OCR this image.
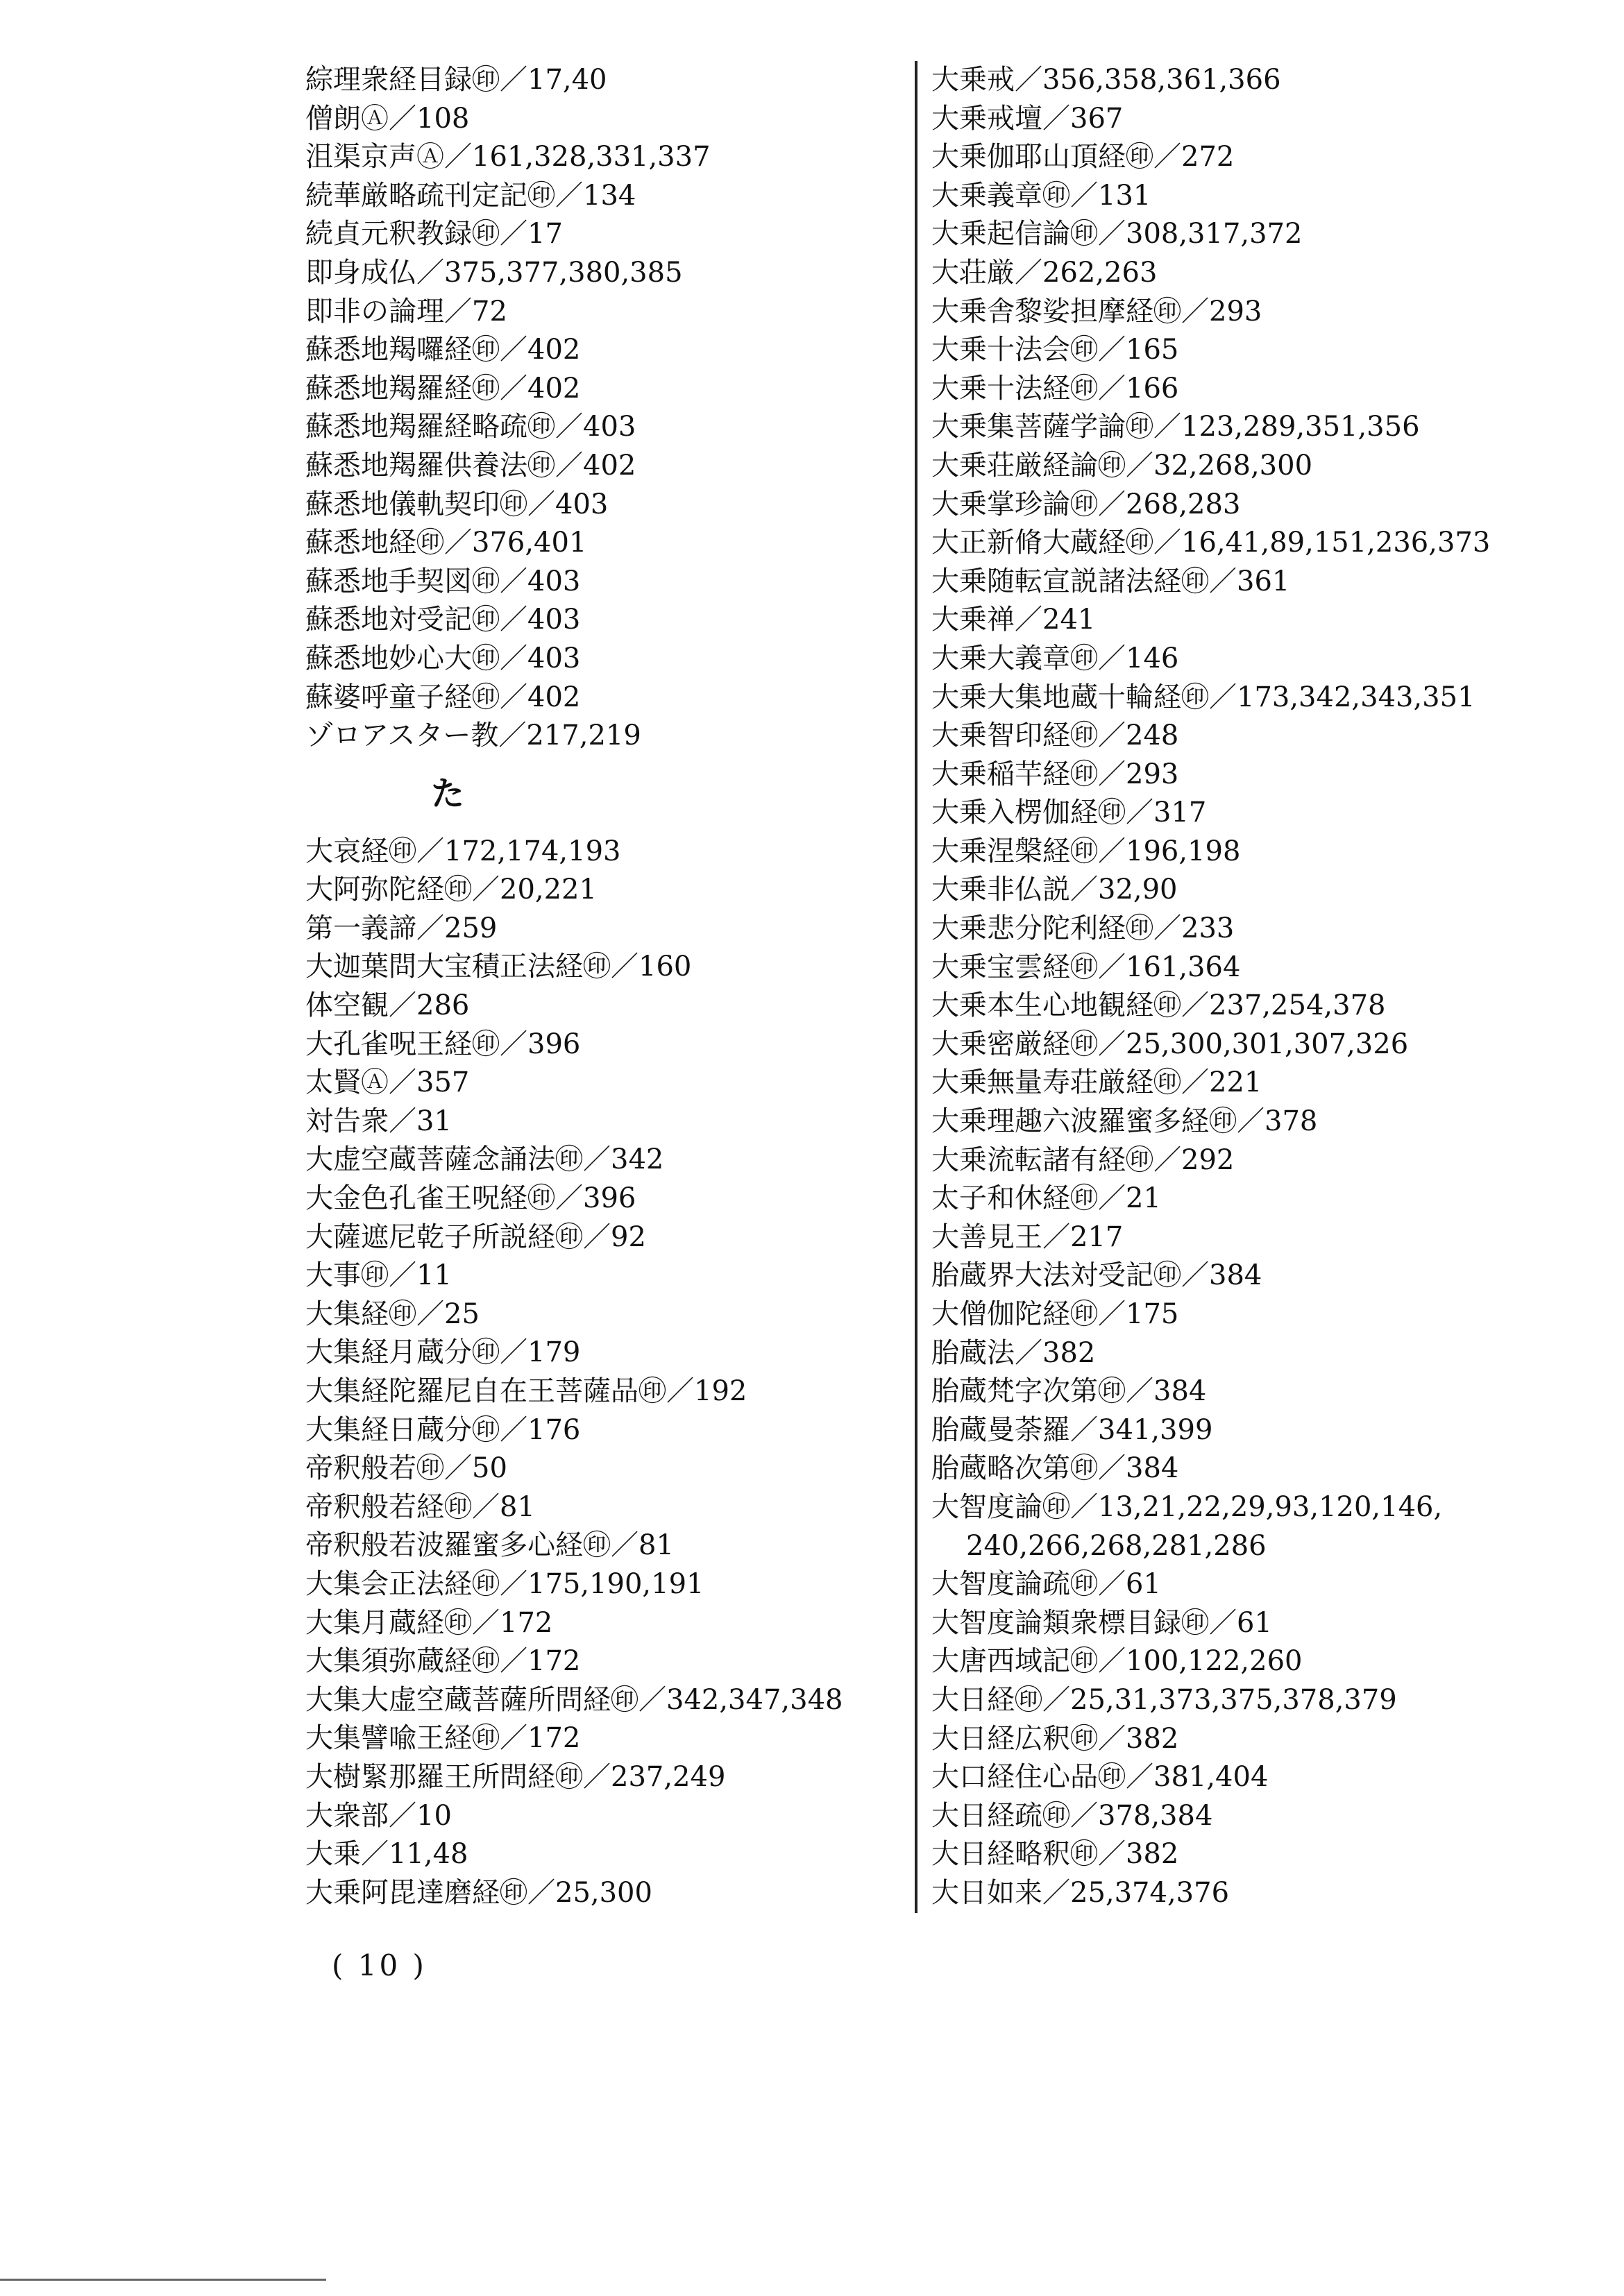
綜理衆経目録㊞／17,40
僧朗Ⓐ／108
沮渠京声Ⓐ／161,328,331,337
続華厳略疏刊定記㊞／134
続貞元釈教録㊞／17
即身成仏／375,377,380,385
即非の論理／72
蘇悉地羯囉経㊞／402
蘇悉地羯羅経㊞／402
蘇悉地羯羅経略疏㊞／403
蘇悉地羯羅供養法㊞／402
蘇悉地儀軌契印㊞／403
蘇悉地経㊞／376,401
蘇悉地手契図㊞／403
蘇悉地対受記㊞／403
蘇悉地妙心大㊞／403
蘇婆呼童子経㊞／402
ゾロアスター教／217,219
た
大哀経㊞／172,174,193
大阿弥陀経㊞／20,221
第一義諦／259
大迦葉問大宝積正法経㊞／160
体空観／286
大孔雀呪王経㊞／396
太賢Ⓐ／357
対告衆／31
大虚空蔵菩薩念誦法㊞／342
大金色孔雀王呪経㊞／396
大薩遮尼乾子所説経㊞／92
大事㊞／11
大集経㊞／25
大集経月蔵分㊞／179
大集経陀羅尼自在王菩薩品㊞／192
大集経日蔵分㊞／176
帝釈般若㊞／50
帝釈般若経㊞／81
帝釈般若波羅蜜多心経㊞／81
大集会正法経㊞／175,190,191
大集月蔵経㊞／172
大集須弥蔵経㊞／172
大集大虚空蔵菩薩所問経㊞／342,347,348
大集譬喩王経㊞／172
大樹緊那羅王所問経㊞／237,249
大衆部／10
大乗／11,48
大乗阿毘達磨経㊞／25,300
大乗戒／356,358,361,366
大乗戒壇／367
大乗伽耶山頂経㊞／272
大乗義章㊞／131
大乗起信論㊞／308,317,372
大荘厳／262,263
大乗舎黎娑担摩経㊞／293
大乗十法会㊞／165
大乗十法経㊞／166
大乗集菩薩学論㊞／123,289,351,356
大乗荘厳経論㊞／32,268,300
大乗掌珍論㊞／268,283
大正新脩大蔵経㊞／16,41,89,151,236,373
大乗随転宣説諸法経㊞／361
大乗禅／241
大乗大義章㊞／146
大乗大集地蔵十輪経㊞／173,342,343,351
大乗智印経㊞／248
大乗稲芉経㊞／293
大乗入楞伽経㊞／317
大乗涅槃経㊞／196,198
大乗非仏説／32,90
大乗悲分陀利経㊞／233
大乗宝雲経㊞／161,364
大乗本生心地観経㊞／237,254,378
大乗密厳経㊞／25,300,301,307,326
大乗無量寿荘厳経㊞／221
大乗理趣六波羅蜜多経㊞／378
大乗流転諸有経㊞／292
太子和休経㊞／21
大善見王／217
胎蔵界大法対受記㊞／384
大僧伽陀経㊞／175
胎蔵法／382
胎蔵梵字次第㊞／384
胎蔵曼荼羅／341,399
胎蔵略次第㊞／384
大智度論㊞／13,21,22,29,93,120,146,
240,266,268,281,286
大智度論疏㊞／61
大智度論類衆標目録㊞／61
大唐西域記㊞／100,122,260
大日経㊞／25,31,373,375,378,379
大日経広釈㊞／382
大口経住心品㊞／381,404
大日経疏㊞／378,384
大日経略釈㊞／382
大日如来／25,374,376
( 10 )
